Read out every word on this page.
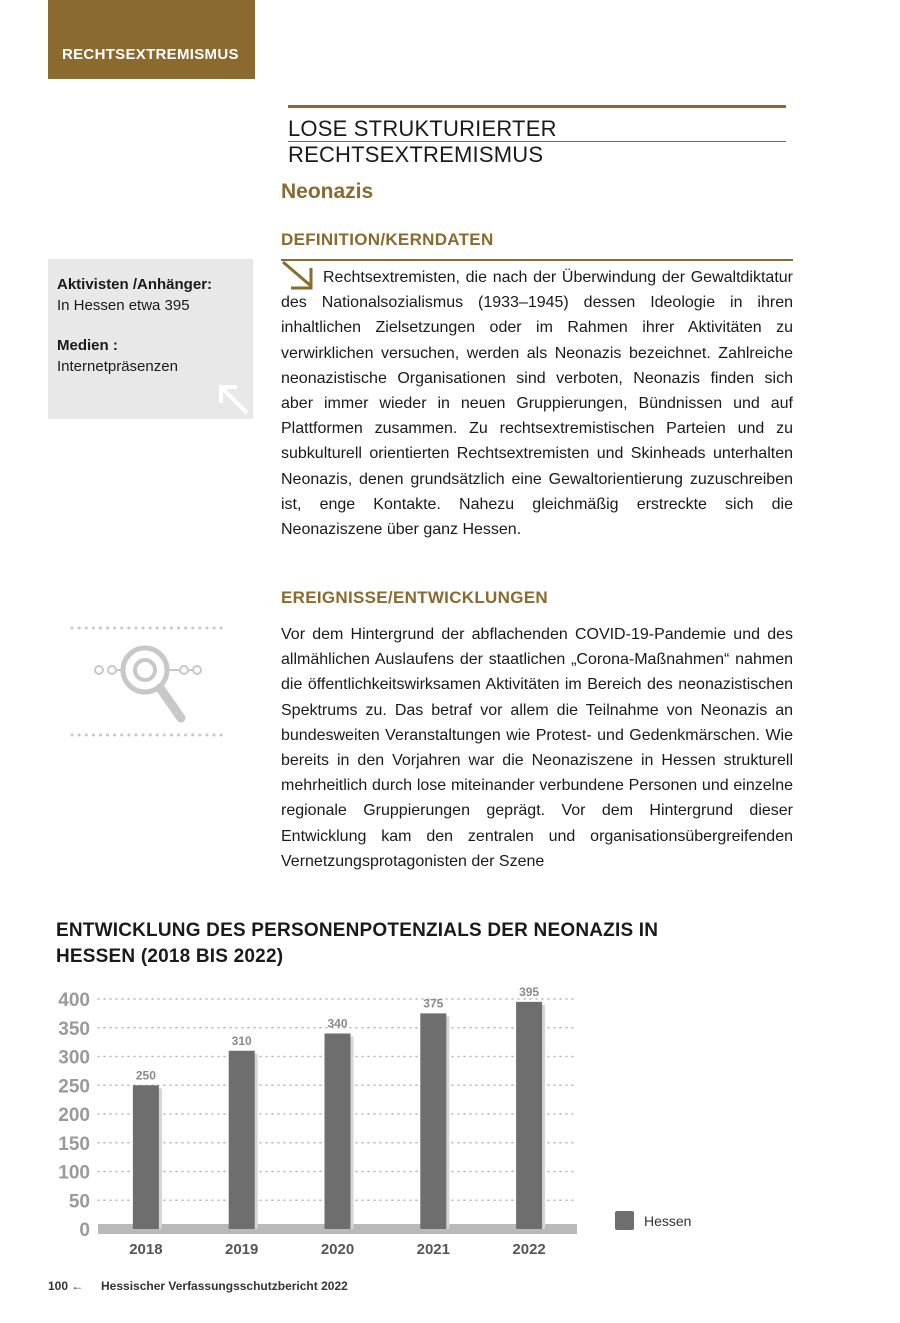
RECHTSEXTREMISMUS
LOSE STRUKTURIERTER RECHTSEXTREMISMUS
Neonazis
DEFINITION/KERNDATEN
Rechtsextremisten, die nach der Überwindung der Gewaltdiktatur des Nationalsozialismus (1933–1945) dessen Ideologie in ihren inhaltlichen Zielsetzungen oder im Rahmen ihrer Aktivitäten zu verwirklichen versuchen, werden als Neonazis bezeichnet. Zahlreiche neonazistische Organisationen sind verboten, Neonazis finden sich aber immer wieder in neuen Gruppierungen, Bündnissen und auf Plattformen zusammen. Zu rechtsextremistischen Parteien und zu subkulturell orientierten Rechtsextremisten und Skinheads unterhalten Neonazis, denen grundsätzlich eine Gewaltorientierung zuzuschreiben ist, enge Kontakte. Nahezu gleichmäßig erstreckte sich die Neonaziszene über ganz Hessen.
Aktivisten /Anhänger:
In Hessen etwa 395
Medien :
Internetpräsenzen
EREIGNISSE/ENTWICKLUNGEN
Vor dem Hintergrund der abflachenden COVID-19-Pandemie und des allmählichen Auslaufens der staatlichen „Corona-Maßnahmen“ nahmen die öffentlichkeitswirksamen Aktivitäten im Bereich des neonazistischen Spektrums zu. Das betraf vor allem die Teilnahme von Neonazis an bundesweiten Veranstaltungen wie Protest- und Gedenkmärschen. Wie bereits in den Vorjahren war die Neonaziszene in Hessen strukturell mehrheitlich durch lose miteinander verbundene Personen und einzelne regionale Gruppierungen geprägt. Vor dem Hintergrund dieser Entwicklung kam den zentralen und organisationsübergreifenden Vernetzungsprotagonisten der Szene
ENTWICKLUNG DES PERSONENPOTENZIALS DER NEONAZIS IN HESSEN (2018 BIS 2022)
0
50
100
150
200
250
300
350
400
250
2018
310
2019
340
2020
375
2021
395
2022
Hessen
100 ← Hessischer Verfassungsschutzbericht 2022
